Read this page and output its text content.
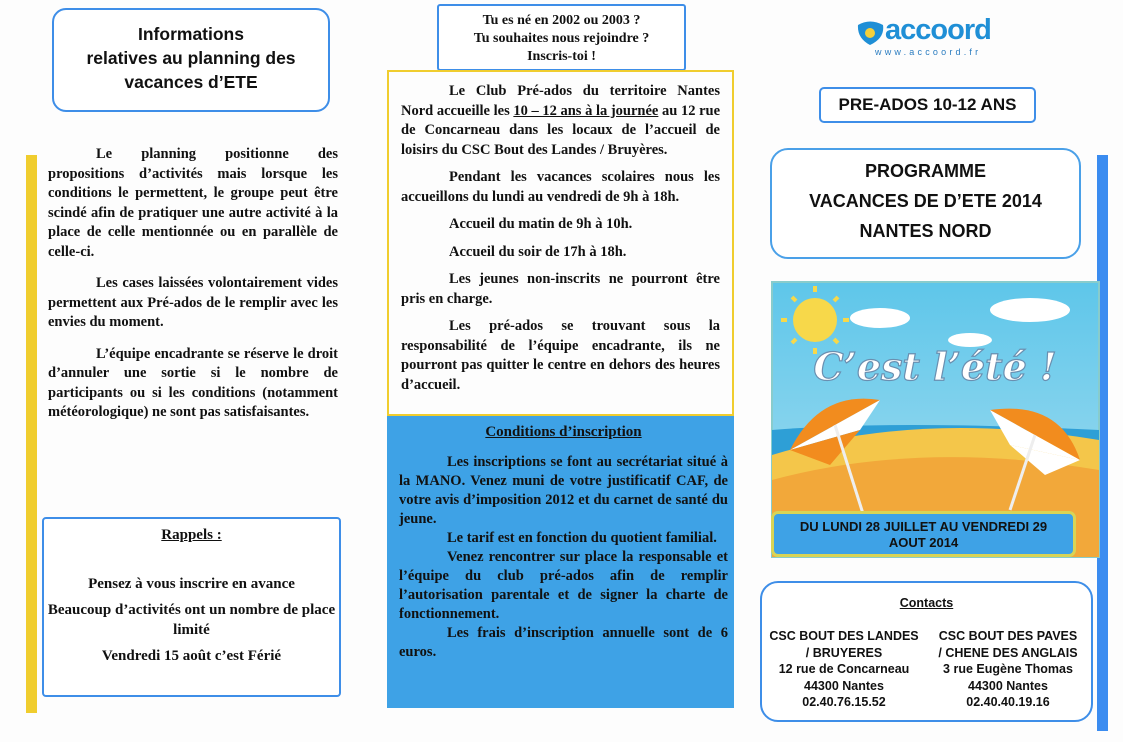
Informations
relatives au planning des
vacances d’ETE

Le planning positionne des propositions d’activités mais lorsque les conditions le permettent, le groupe peut être scindé afin de pratiquer une autre activité à la place de celle mentionnée ou en parallèle de celle-ci.

Les cases laissées volontairement vides permettent aux Pré-ados de le remplir avec les envies du moment.

L’équipe encadrante se réserve le droit d’annuler une sortie si le nombre de participants ou si les conditions (notamment météorologique) ne sont pas satisfaisantes.

Rappels :

Pensez à vous inscrire en avance

Beaucoup d’activités ont un nombre de place limité

Vendredi 15 août c’est Férié

Tu es né en 2002 ou 2003 ?
Tu souhaites nous rejoindre ?
Inscris-toi !

Le Club Pré-ados du territoire Nantes Nord accueille les 10 – 12 ans à la journée au 12 rue de Concarneau dans les locaux de l’accueil de loisirs du CSC Bout des Landes / Bruyères.

Pendant les vacances scolaires nous les accueillons du lundi au vendredi de 9h à 18h.

Accueil du matin de 9h à 10h.

Accueil du soir de 17h à 18h.

Les jeunes non-inscrits ne pourront être pris en charge.

Les pré-ados se trouvant sous la responsabilité de l’équipe encadrante, ils ne pourront pas quitter le centre en dehors des heures d’accueil.

Conditions d’inscription

Les inscriptions se font au secrétariat situé à la MANO. Venez muni de votre justificatif CAF, de votre avis d’imposition 2012 et du carnet de santé du jeune.

Le tarif est en fonction du quotient familial.

Venez rencontrer sur place la responsable et l’équipe du club pré-ados afin de remplir l’autorisation parentale et de signer la charte de fonctionnement.

Les frais d’inscription annuelle sont de 6 euros.

accoord
www.accoord.fr
PRE-ADOS 10-12 ANS
PROGRAMME
VACANCES DE D’ETE 2014
NANTES NORD
C’est l’été !
DU LUNDI 28 JUILLET AU VENDREDI 29
AOUT 2014
Contacts
CSC BOUT DES LANDES
/ BRUYERES
12 rue de Concarneau
44300 Nantes
02.40.76.15.52
CSC BOUT DES PAVES
/ CHENE DES ANGLAIS
3 rue Eugène Thomas
44300 Nantes
02.40.40.19.16
